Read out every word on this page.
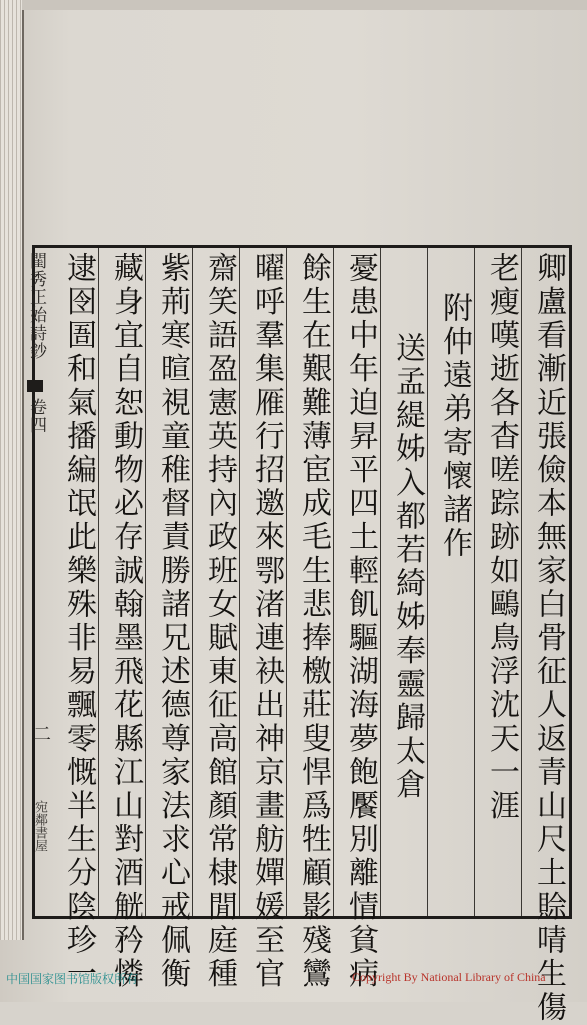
閨秀正始詩鈔
卷四
二
宛鄰書屋	卿盧看漸近張儉本無家白骨征人返青山尺土賒啨生傷
老瘦嘆逝各杳嗟踪跡如鷗鳥浮沈天一涯
附仲遠弟寄懷諸作
送孟緹姊入都若綺姊奉靈歸太倉
憂患中年迫昇平四土輕飢驅湖海夢飽饜別離情貧病
餘生在艱難薄宦成毛生悲捧檄莊叟悍爲牲顧影殘鸞
曜呼羣集雁行招邀來鄂渚連袂出神京畫舫嬋媛至官
齋笑語盈憲英持內政班女賦東征高館顏常棣閒庭種
紫荊寒暄視童稚督責勝諸兄述德尊家法求心戒佩衡
藏身宜自恕動物必存誠翰墨飛花縣江山對酒觥矜憐
逮囹圄和氣播編氓此樂殊非易飄零慨半生分陰珍一
中国国家图书馆版权所有	Copyright By National Library of China
